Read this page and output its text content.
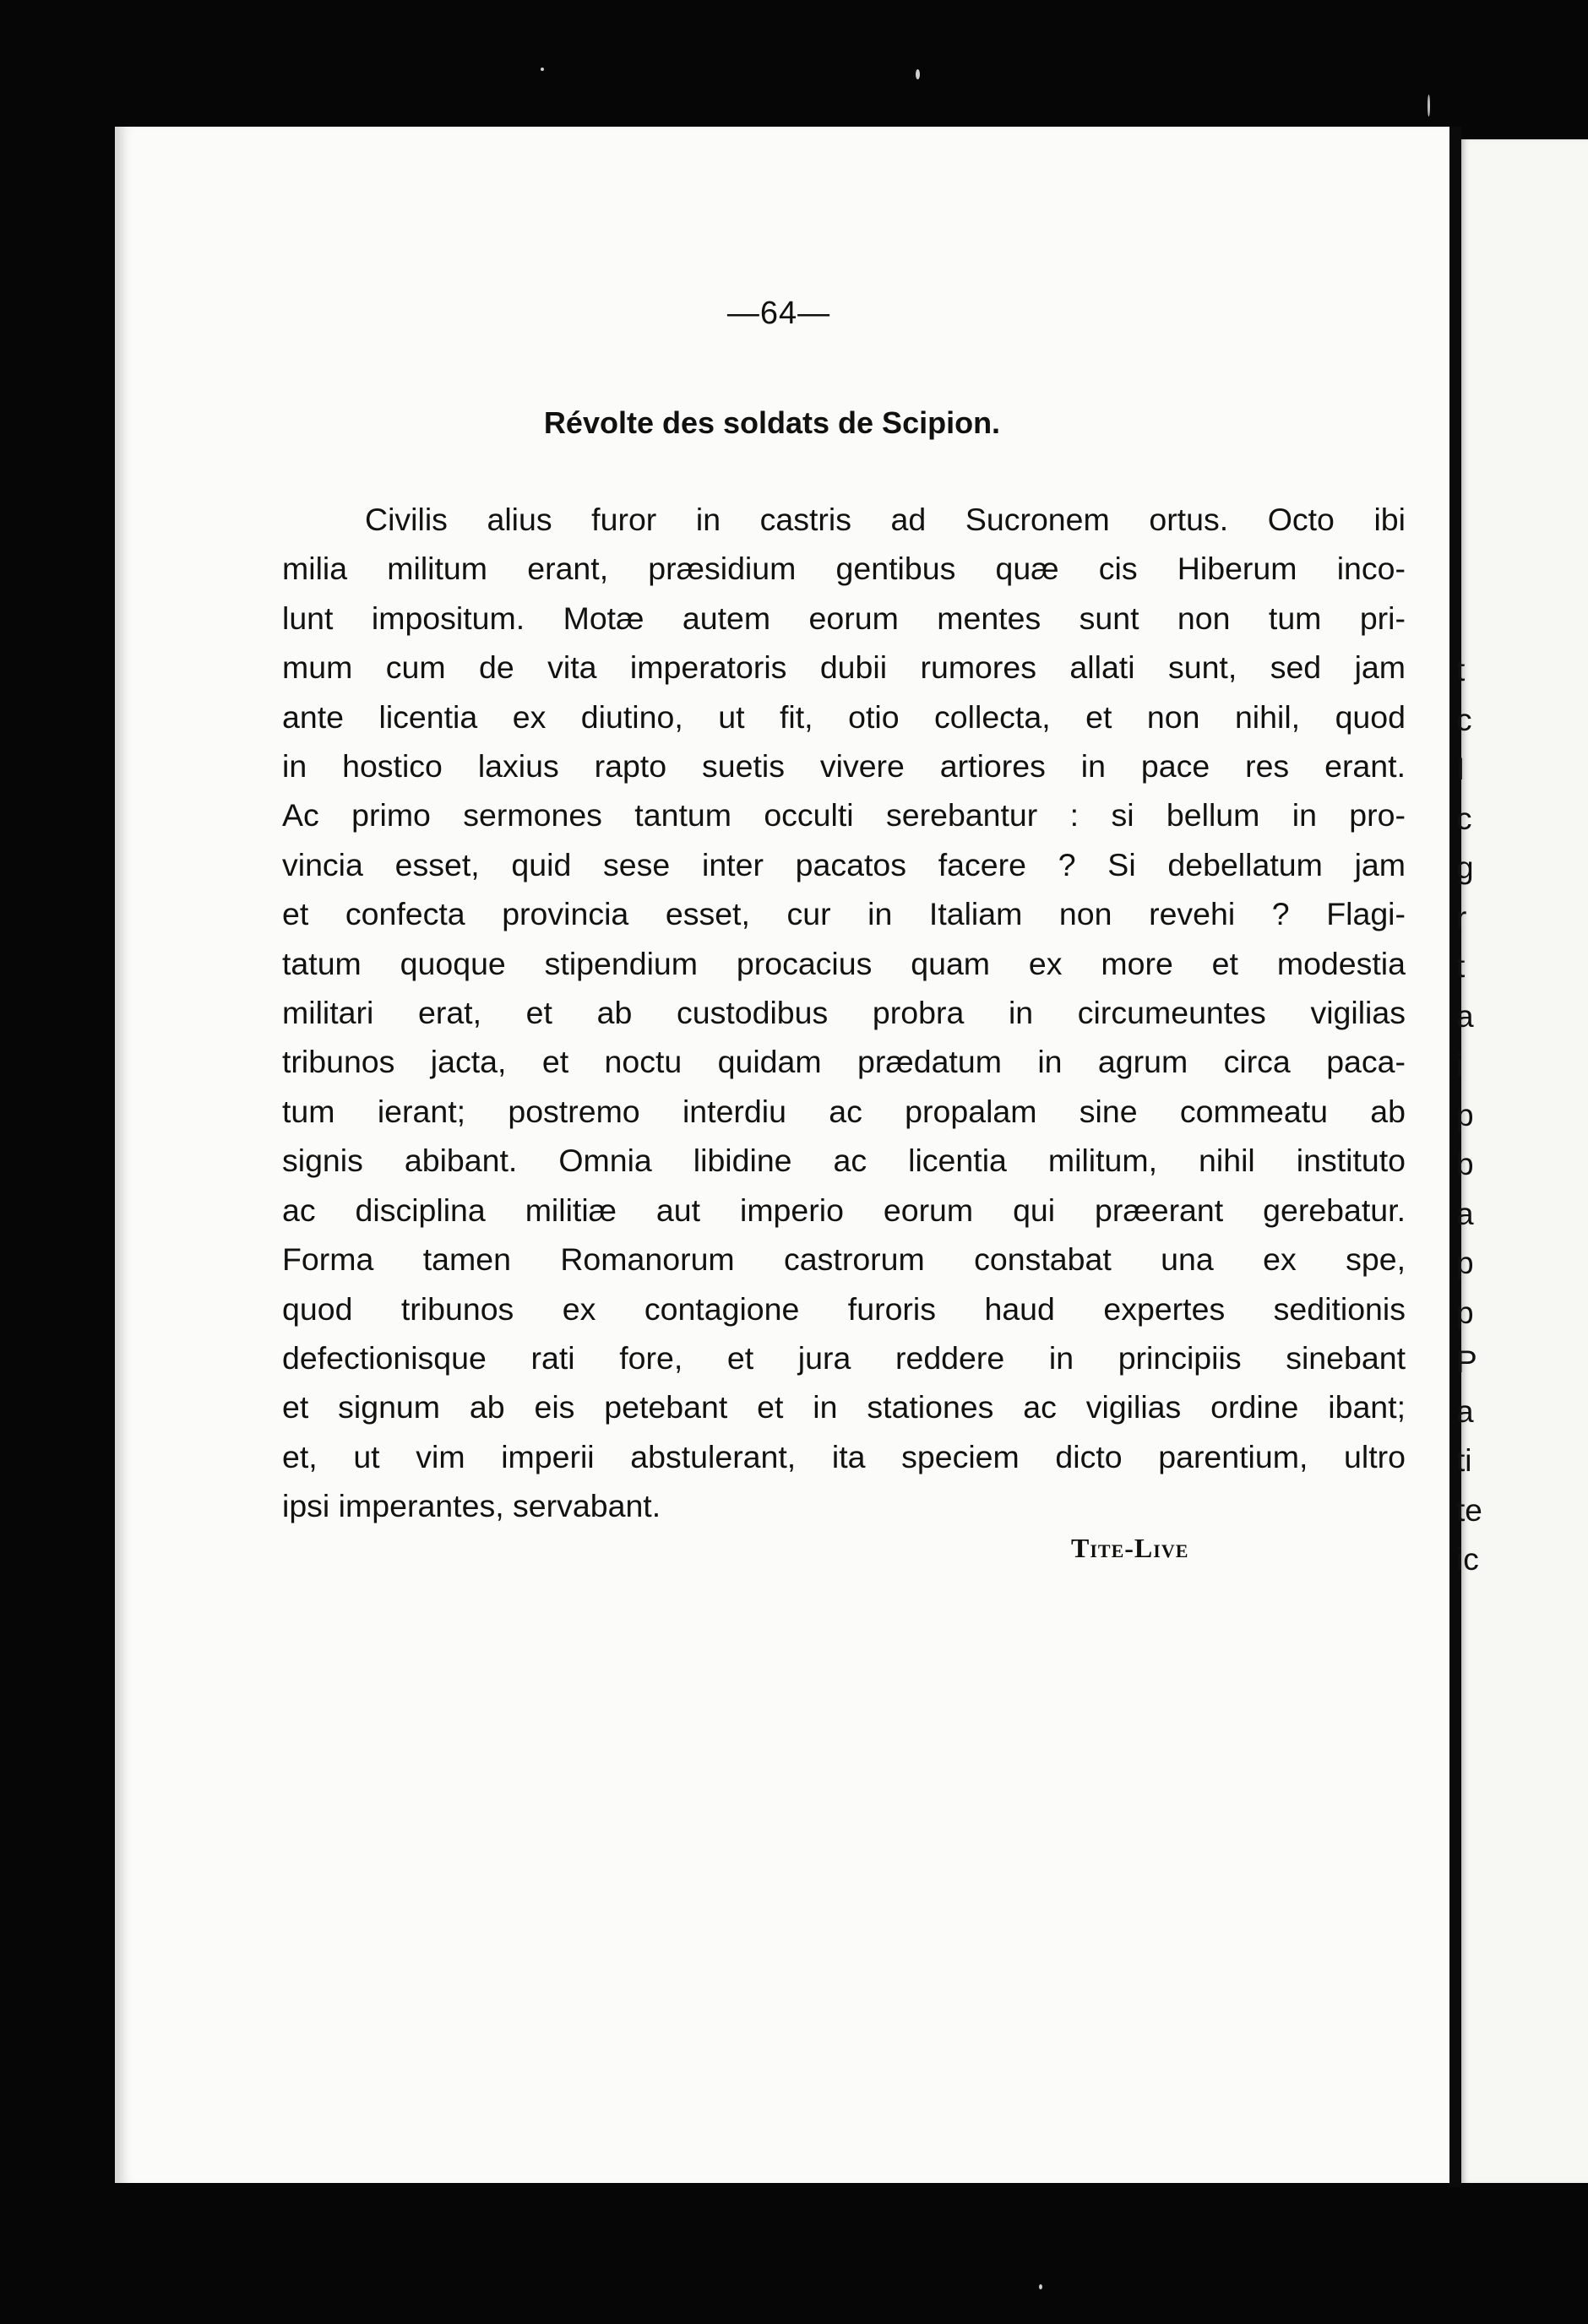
—64—
Révolte des soldats de Scipion.
Civilis alius furor in castris ad Sucronem ortus. Octo ibi
milia militum erant, præsidium gentibus quæ cis Hiberum inco-
lunt impositum. Motæ autem eorum mentes sunt non tum pri-
mum cum de vita imperatoris dubii rumores allati sunt, sed jam
ante licentia ex diutino, ut fit, otio collecta, et non nihil, quod
in hostico laxius rapto suetis vivere artiores in pace res erant.
Ac primo sermones tantum occulti serebantur : si bellum in pro-
vincia esset, quid sese inter pacatos facere ? Si debellatum jam
et confecta provincia esset, cur in Italiam non revehi ? Flagi-
tatum quoque stipendium procacius quam ex more et modestia
militari erat, et ab custodibus probra in circumeuntes vigilias
tribunos jacta, et noctu quidam prædatum in agrum circa paca-
tum ierant; postremo interdiu ac propalam sine commeatu ab
signis abibant. Omnia libidine ac licentia militum, nihil instituto
ac disciplina militiæ aut imperio eorum qui præerant gerebatur.
Forma tamen Romanorum castrorum constabat una ex spe,
quod tribunos ex contagione furoris haud expertes seditionis
defectionisque rati fore, et jura reddere in principiis sinebant
et signum ab eis petebant et in stationes ac vigilias ordine ibant;
et, ut vim imperii abstulerant, ita speciem dicto parentium, ultro
ipsi imperantes, servabant.
Tite-Live
t
c
I
c
g
r
t
a
i
p
b
a
p
p
P
a
ti
te
ic
